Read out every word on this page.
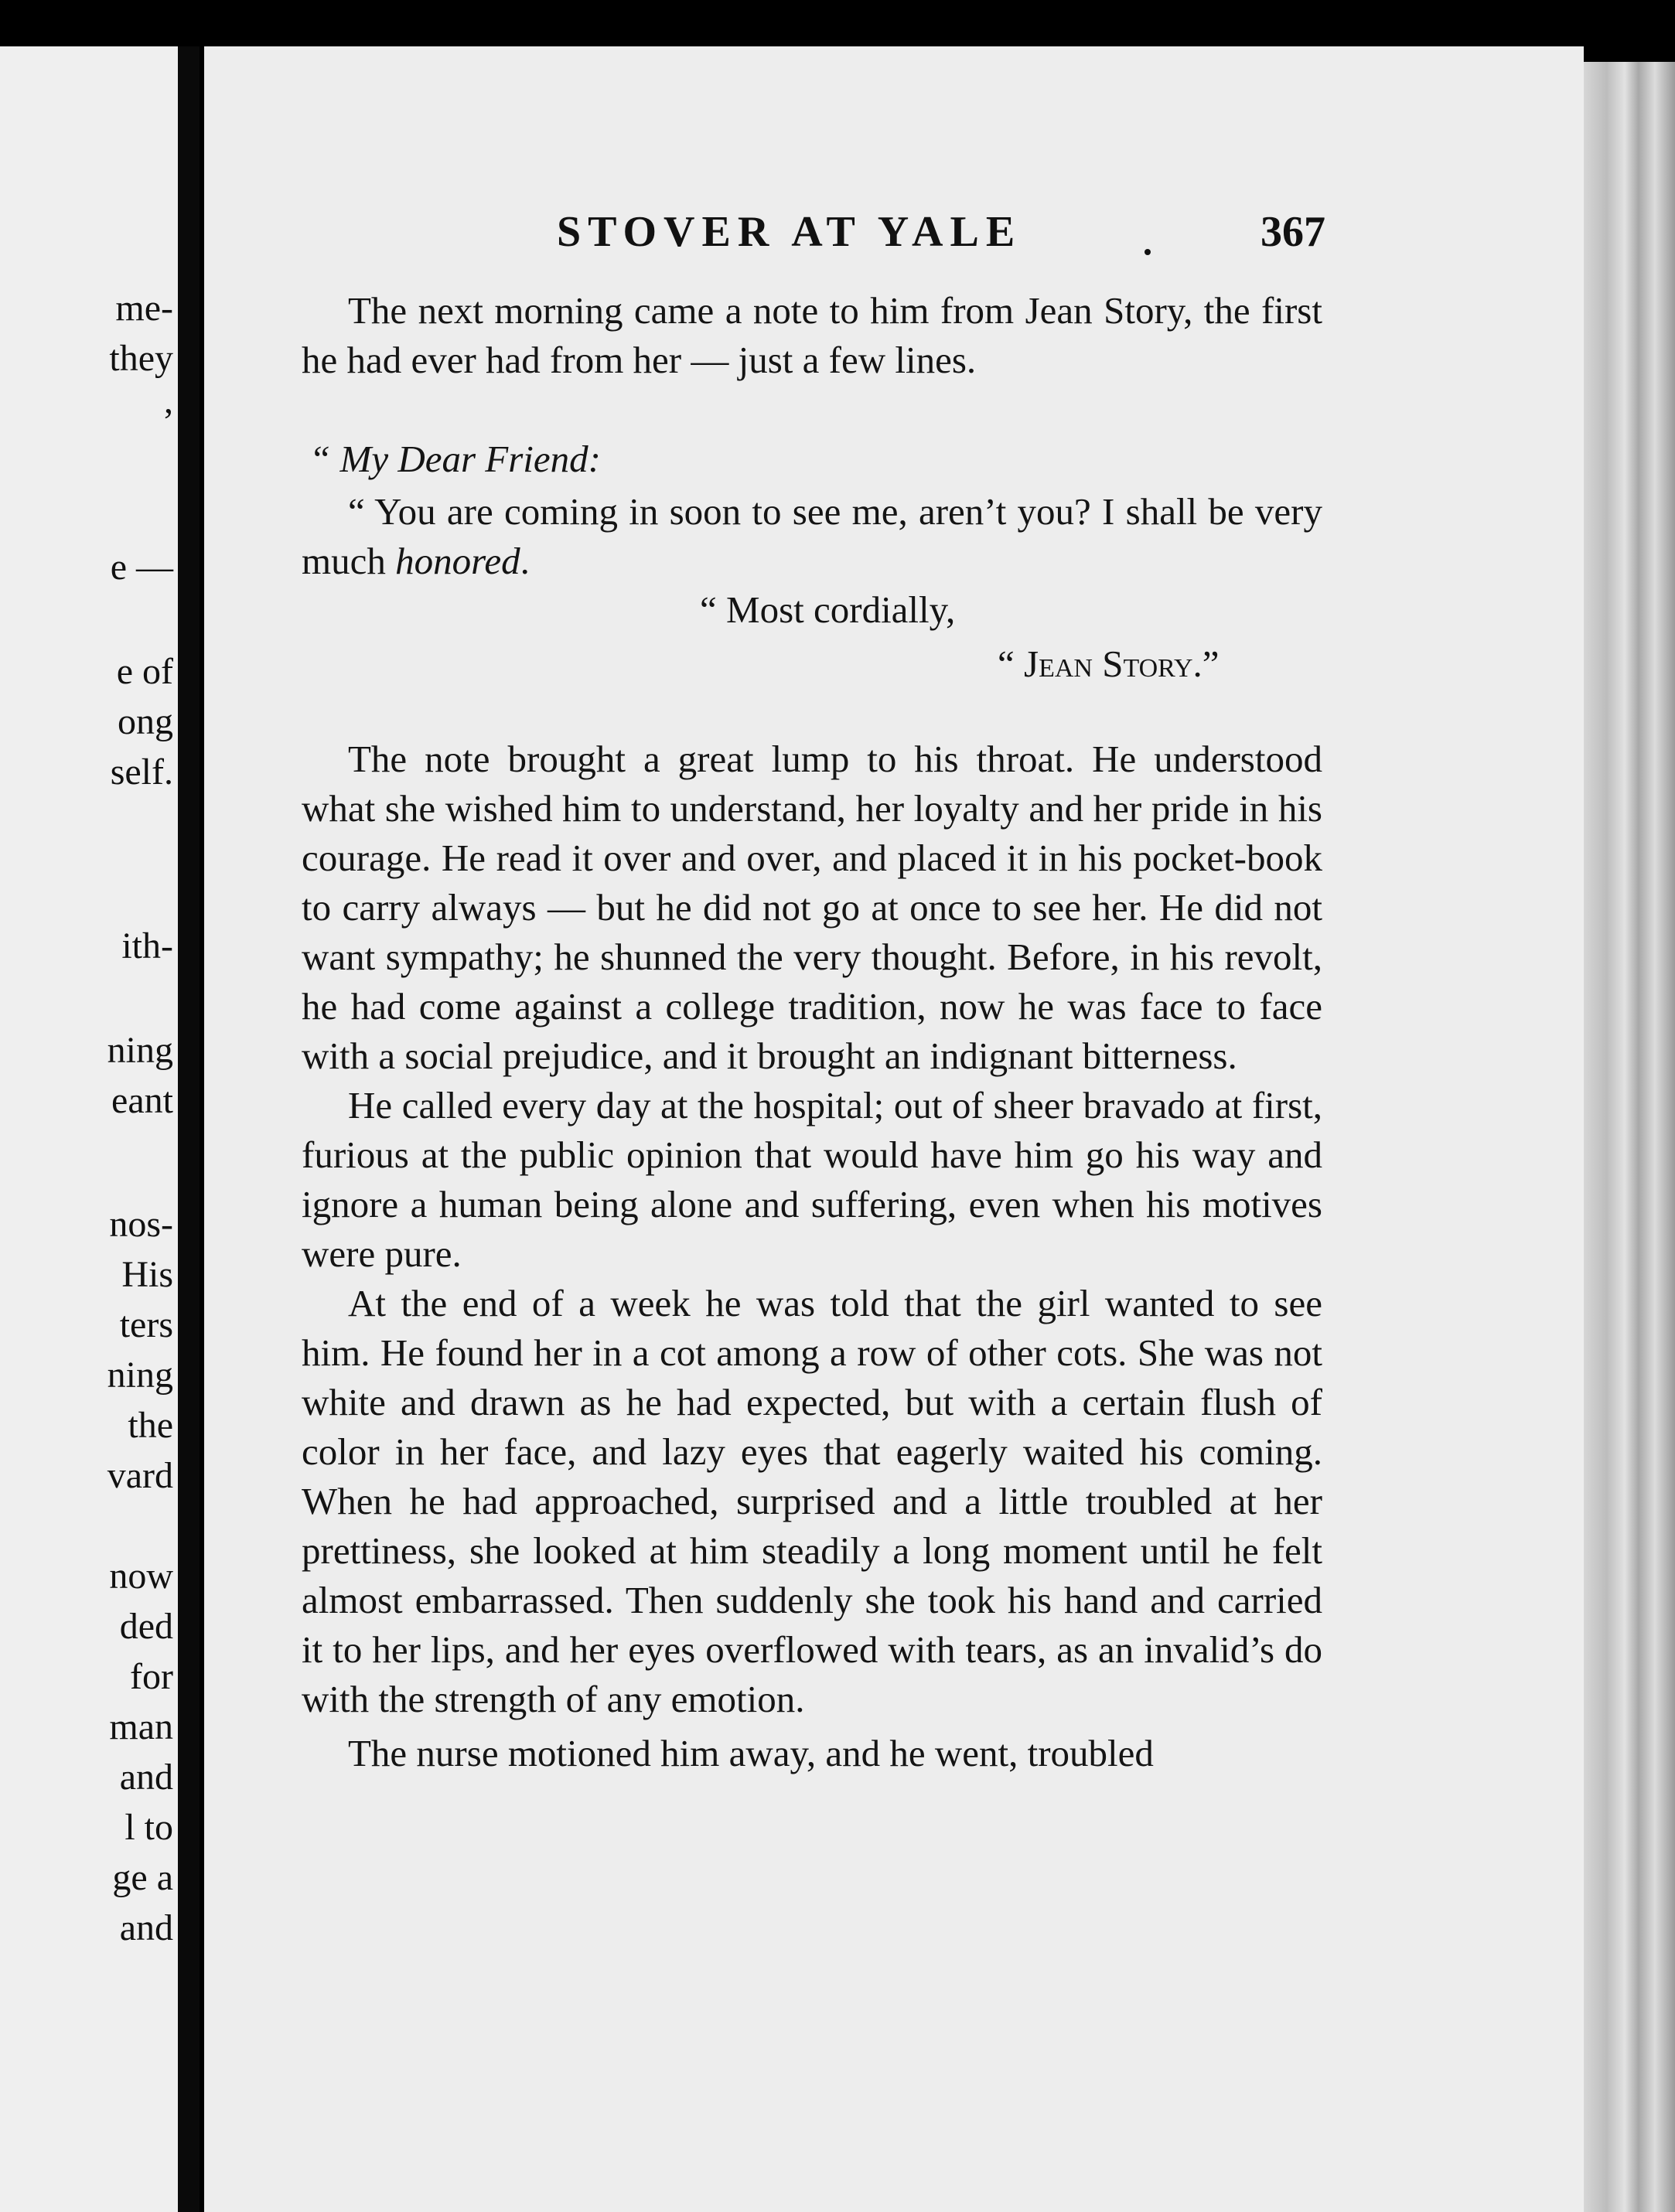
me-
they
,
e —
e of
ong
self.
ith-
ning
eant
nos-
His
ters
ning
the
vard
now
ded
for
man
and
l to
ge a
and
STOVER AT YALE	367

The next morning came a note to him from Jean Story, the first he had ever had from her — just a few lines.

“ My Dear Friend:

“ You are coming in soon to see me, aren’t you? I shall be very much honored.

“ Most cordially,
“ Jean Story.”

The note brought a great lump to his throat. He understood what she wished him to understand, her loyalty and her pride in his courage. He read it over and over, and placed it in his pocket-book to carry always — but he did not go at once to see her. He did not want sympathy; he shunned the very thought. Before, in his revolt, he had come against a college tradition, now he was face to face with a social prejudice, and it brought an indignant bitterness.

He called every day at the hospital; out of sheer bravado at first, furious at the public opinion that would have him go his way and ignore a human being alone and suffering, even when his motives were pure.

At the end of a week he was told that the girl wanted to see him. He found her in a cot among a row of other cots. She was not white and drawn as he had expected, but with a certain flush of color in her face, and lazy eyes that eagerly waited his coming. When he had approached, surprised and a little troubled at her prettiness, she looked at him steadily a long moment until he felt almost embarrassed. Then suddenly she took his hand and carried it to her lips, and her eyes overflowed with tears, as an invalid’s do with the strength of any emotion.

The nurse motioned him away, and he went, troubled
